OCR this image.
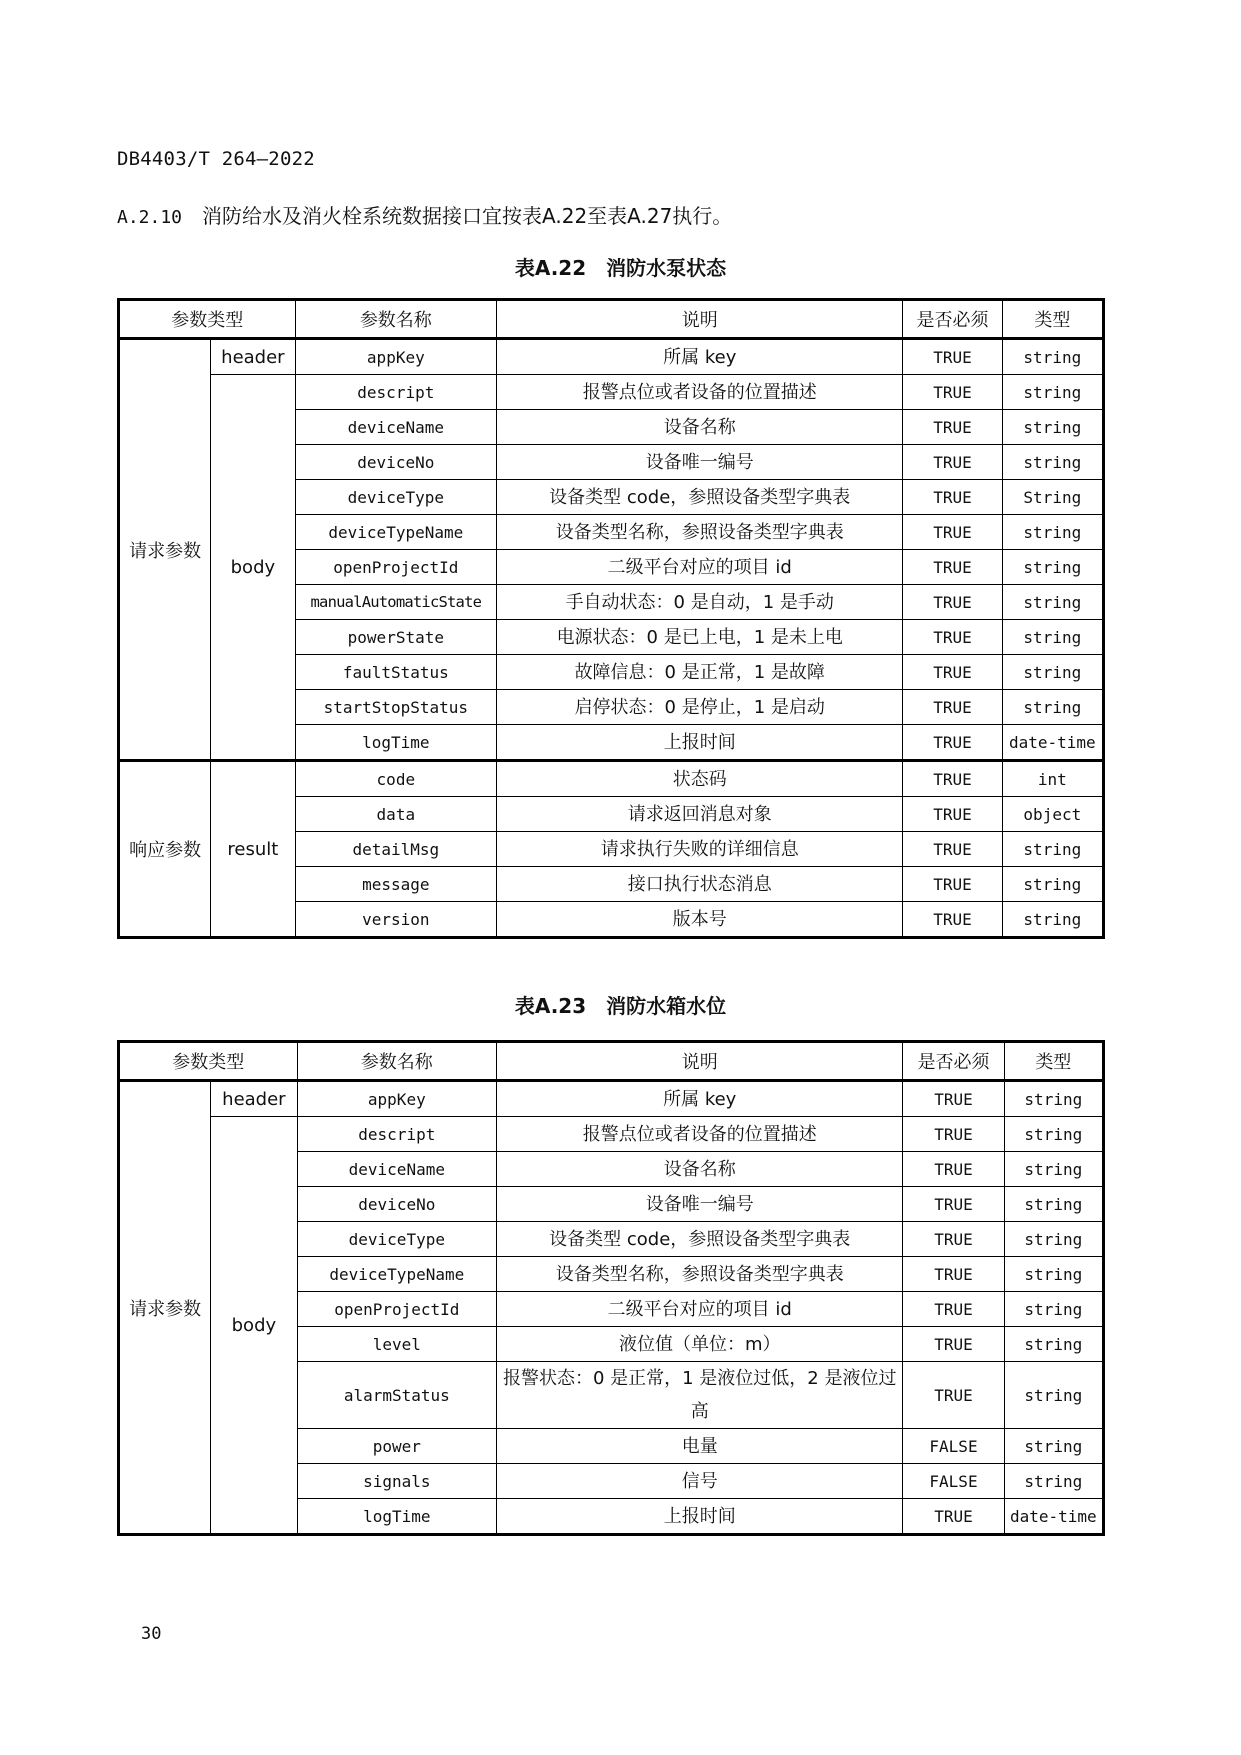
DB4403/T 264—2022
A.2.10 消防给水及消火栓系统数据接口宜按表A.22至表A.27执行。
表A.22 消防水泵状态
参数类型		参数名称	说明	是否必须	类型
请求参数	header	appKey	所属 key	TRUE	string
	body	descript	报警点位或者设备的位置描述	TRUE	string
		deviceName	设备名称	TRUE	string
		deviceNo	设备唯一编号	TRUE	string
		deviceType	设备类型 code，参照设备类型字典表	TRUE	String
		deviceTypeName	设备类型名称，参照设备类型字典表	TRUE	string
		openProjectId	二级平台对应的项目 id	TRUE	string
		manualAutomaticState	手自动状态：0 是自动，1 是手动	TRUE	string
		powerState	电源状态：0 是已上电，1 是未上电	TRUE	string
		faultStatus	故障信息：0 是正常，1 是故障	TRUE	string
		startStopStatus	启停状态：0 是停止，1 是启动	TRUE	string
		logTime	上报时间	TRUE	date-time
响应参数	result	code	状态码	TRUE	int
		data	请求返回消息对象	TRUE	object
		detailMsg	请求执行失败的详细信息	TRUE	string
		message	接口执行状态消息	TRUE	string
		version	版本号	TRUE	string
表A.23 消防水箱水位
参数类型		参数名称	说明	是否必须	类型
请求参数	header	appKey	所属 key	TRUE	string
	body	descript	报警点位或者设备的位置描述	TRUE	string
		deviceName	设备名称	TRUE	string
		deviceNo	设备唯一编号	TRUE	string
		deviceType	设备类型 code，参照设备类型字典表	TRUE	string
		deviceTypeName	设备类型名称，参照设备类型字典表	TRUE	string
		openProjectId	二级平台对应的项目 id	TRUE	string
		level	液位值（单位：m）	TRUE	string
		alarmStatus	报警状态：0 是正常，1 是液位过低，2 是液位过高	TRUE	string
		power	电量	FALSE	string
		signals	信号	FALSE	string
		logTime	上报时间	TRUE	date-time
30
